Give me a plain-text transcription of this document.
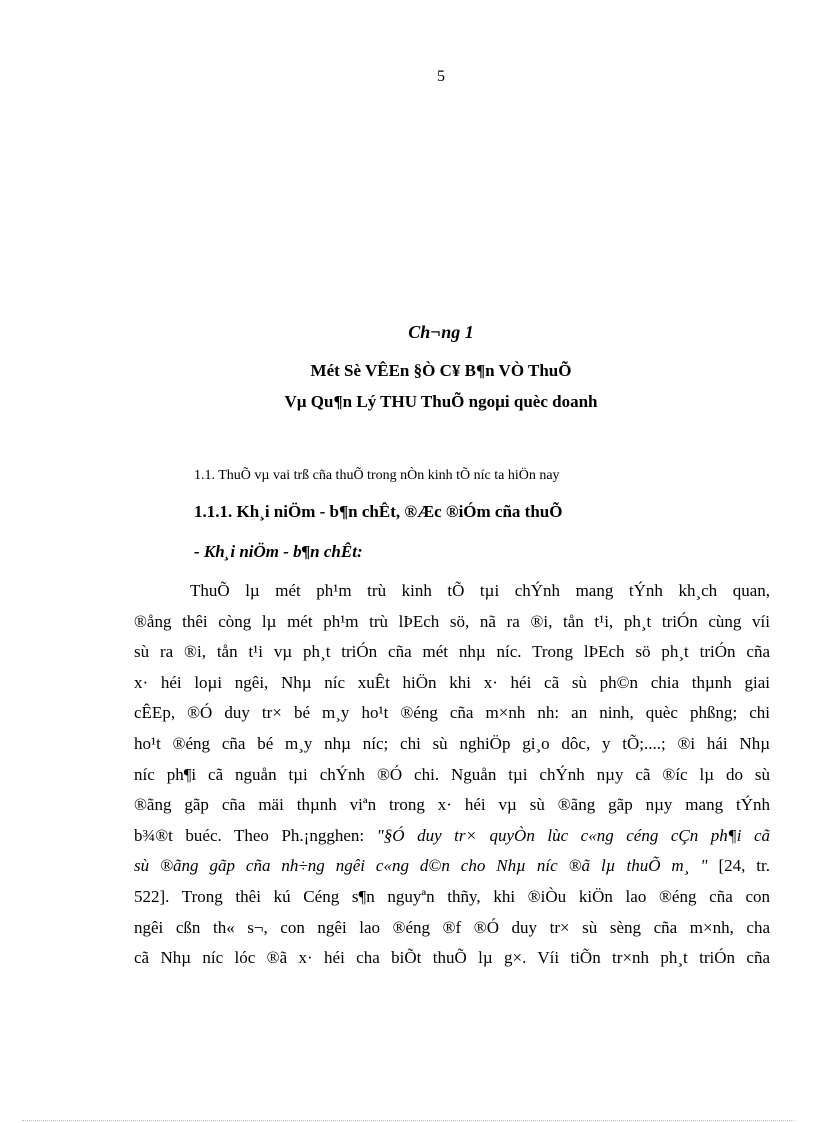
5
Ch¬ng 1
Mét Sè VÊEn §Ò C¥ B¶n VÒ ThuÕ
Vµ Qu¶n Lý THU ThuÕ ngoµi quèc doanh
1.1. ThuÕ vµ vai trß cña thuÕ trong nÒn kinh tÕ níc ta hiÖn nay
1.1.1. Kh¸i niÖm - b¶n chÊt, ®Æc ®iÓm cña thuÕ
- Kh¸i niÖm - b¶n chÊt:
ThuÕ lµ mét ph¹m trù kinh tÕ tµi chÝnh mang tÝnh kh¸ch quan,
®ång thêi còng lµ mét ph¹m trù lÞEch sö, nã ra ®i, tån t¹i, ph¸t triÓn cùng víi
sù ra ®i, tån t¹i vµ ph¸t triÓn cña mét nhµ níc. Trong lÞEch sö ph¸t triÓn cña
x· héi loµi ngêi, Nhµ níc xuÊt hiÖn khi x· héi cã sù ph©n chia thµnh giai
cÊEp, ®Ó duy tr× bé m¸y ho¹t ®éng cña m×nh nh: an ninh, quèc phßng; chi
ho¹t ®éng cña bé m¸y nhµ níc; chi sù nghiÖp gi¸o dôc, y tÕ;....; ®i hái Nhµ
níc ph¶i cã nguån tµi chÝnh ®Ó chi. Nguån tµi chÝnh nµy cã ®íc lµ do sù
®ãng gãp cña mäi thµnh viªn trong x· héi vµ sù ®ãng gãp nµy mang tÝnh
b¾®t buéc. Theo Ph.¡ngghen: "§Ó duy tr× quyÒn lùc c«ng céng cÇn ph¶i cã
sù ®ãng gãp cña nh÷ng ngêi c«ng d©n cho Nhµ níc ®ã lµ thuÕ m¸ " [24, tr.
522]. Trong thêi kú Céng s¶n nguyªn thñy, khi ®iÒu kiÖn lao ®éng cña con
ngêi cßn th« s¬, con ngêi lao ®éng ®f ®Ó duy tr× sù sèng cña m×nh, cha
cã Nhµ níc lóc ®ã x· héi cha biÕt thuÕ lµ g×. Víi tiÕn tr×nh ph¸t triÓn cña
